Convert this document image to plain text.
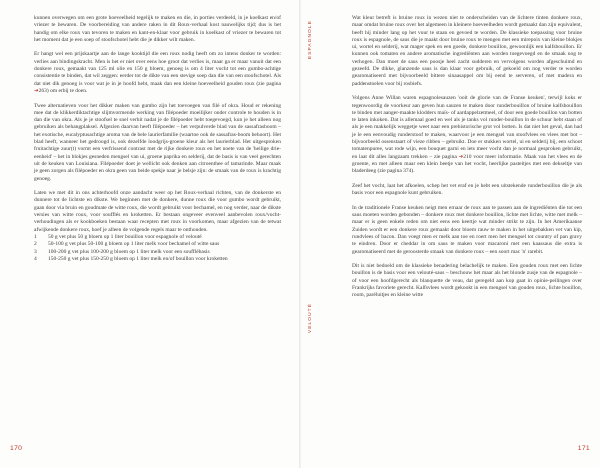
kunnen overwegen om een grote hoeveelheid tegelijk te maken en die, in porties verdeeld, in je koelkast en/of vriezer te bewaren. De voorbereiding van andere raken in dit Roux-verhaal kost nauwelijks tijd; dus is het handig om elke roux van tevoren te maken en kant-en-klaar voor gebruik in koelkast of vriezer te bewaren tot het moment dat je een soep of stoofschotel hebt die je dikker wilt maken.

Er hangt wel een prijskaartje aan de lange kooktijd die een roux nodig heeft om zo intens donker te worden: verlies aan bindingskracht. Men is het er niet over eens hoe groot dat verlies is, maar ga er maar vanuit dat een donkere roux, gemaakt van 125 ml olie en 150 g bloem, genoeg is om 4 liter vocht tot een gumbo-achtige consistentie te binden, dat wil zeggen: eerder tot de dikte van een stevige soep dan die van een stoofschotel. Als dat niet dik genoeg is voor wat je in je hoofd hebt, maak dan een kleine hoeveelheid gouden roux (zie pagina ➔263) om erbij te doen.

Twee alternatieven voor het dikker maken van gumbo zijn het toevoegen van filé of okra. Houd er rekening mee dat de klikkerdiktachtige slijmvormende werking van filépoeder moeilijker onder controle te houden is in dan die van okra. Als je je stoofsel te snel verhit nadat je de filépoeder hebt toegevoegd, kun je het alleen nog gebruiken als behangplaksel. Afgezien daarvan heeft filépoeder – het verpulverde blad van de sassafrasboom – het exotische, eucalyptusachtige aroma van de bele laurierfamilie (waartoe ook de sassafras-boom behoort). Het blad heeft, wanneer het gedroogd is, ook dezelfde loodgrijs-groene kleur als het laurierblad. Het uitgesproken fruitachtige zuur(t) vormt een verfrissend contrast met de rijke donkere roux en het noete van de 'heilige drie-eenheid' – het in blokjes gesneden mengsel van ui, groene paprika en selderij, dat de basis is van veel gerechten uit de keuken van Louisiana. Filépoeder doet je wellicht ook denken aan citroenthee of tamarinde. Maar maak je geen zorgen als filépoeder en okra geen van beide spekje naar je belsje zijn: de smaak van de roux is krachtig genoeg.

Laten we met dit in ons achterhoofd onze aandacht weer op het Roux-verhaal richten, van de donkerste en dunnere tot de lichtste en dikste. We beginnen met de donkere, dunne roux die voor gumbo wordt gebruikt, gaan door via bruin en goudmate de witte roux, die wordt gebruikt voor bechamel, en nog verder, naar de dikste versies van witte roux, voor soufflés en kroketten. Er bestaan ongeveer evenveel aanbevolen roux/vocht-verhoudingen als er kookboeken bestaan waar recepten met roux in voorkomen, maar afgezien van de tetwat afwijkende donkere roux, hoef je alleen de volgende regels maar te onthouden.

1 50 g vet plus 50 g bloem op 1 liter bouillon voor espagnole of velouté
2 50-100 g vet plus 50-100 g bloem op 1 liter melk voor bechamel of witte saus
3 100-200 g vet plus 100-200 g bloem op 1 liter melk voor een soufflébasis
4 150-250 g vet plus 150-250 g bloem op 1 liter melk en/of bouillon voor kroketten
170
ESPAGNOLE
VELOUTÉ

Wat kleur betreft is bruine roux in wezen niet te onderscheiden van de lichtere tinten donkere roux, maar omdat bruine roux over het algemeen in kleinere hoeveelheden wordt gemaakt dan zijn equivalent, heeft hij minder lang op het vuur te staan en gevoed te worden. De klassieke toepassing voor bruine roux is espagnole, de saus die je maakt door bruine roux te mengen met een mirepoix van kleine blokjes ui, wortel en selderij, wat mager spek en een goede, donkere bouillon, gewoonlijk een kalfsbouillon. Er kunnen ook tomaten en andere aromatische ingrediënten aan worden toegevoegd en de smaak nog te verhogen. Dan moet de saus een poosje heel zacht sudderen en vervolgens worden afgeschuimd en gezeefd. De dikke, glanzende saus is dan klaar voor gebruik, of gekoeld om nog verder te worden gearomatiseerd met bijvoorbeeld bittere sinaasappel om bij eend te serveren, of met madera en paddenstoelen voor bij rosbiefs.

Volgens Anne Willan waren espagnolesauzen 'ooit de glorie van de Franse keuken', terwijl koks er tegenwoordig de voorkeur aan geven hun sauzen te maken door runderbouillon of bruine kalfsbouillon te binden met aanger-maakte klodders maïs- of aardappelzetmeel, of door een goede bouillon van botten te laten inkoken. Dat is allemaal goed en wel als je tanks vol runder-bouillon in de schuur hebt staan of als je een makkelijk weggetje weet naar een prehistorische grot vol botten. Is dat niet het geval, dan had je le een eenvoudig runderstoof te maken, waarvoor je een mengsel van stoofvlees en vlees met bot – bijvoorbeeld ossenstaart of vieze ribben – gebruikt. Doe er stukken wortel, ui en selderij bij, een schoot tomatenpuree, wat rode wijn, een bouquet garni en iets meer vocht dan je normaal gesproken gebruikt, en laat dit alles langzaam trekken – zie pagina ➔210 voor meer informatie. Maak van het vlees en de groente, en met alleen maar een klein beetje van het vocht, heerlijke pasteitjes met een dekseltje van bladerdeeg (zie pagina 374).

Zeef het vocht, laat het afkoelen, schep het vet eraf en je hebt een uitstekende runderbouillon die je als basis voor een espagnole kunt gebruiken.

In de traditionele Franse keuken neigt men ernaar de roux aan te passen aan de ingrediënten die tot een saus moeten worden gebonden – donkere roux met donkere bouillon, lichte met lichte, witte met melk – maar er is geen enkele reden om niet eens een keertje wat minder strikt te zijn. In het Amerikaanse Zuiden wordt er een donkere roux gemaakt door bloem rauw te maken in het uitgebakken vet van kip, rundvlees of bacon. Dan voegt men er melk aan toe en roert men het mengsel tot country of pan gravy te eindren. Door er cheddar in om saus te maken voor macaroni met een kaassaus die extra is gearomatiseerd met de geroosterde smaak van donkere roux – een soort mac 'n' rarebit.

Dit is niet bedoeld om de klassieke benadering belachelijk te maken. Een gouden roux met een lichte bouillon is de basis voor een velouté-saus – beschouw het maar als het blonde zusje van de espagnole – of voor een hoofdgerecht als blanquette de veau, dat geregeld aan kop gaat in opinie-peilingen over Frankrijks favoriete gerecht. Kalfsvlees wordt gekookt in een mengsel van gouden roux, lichte bouillon, room, paréluitjes en kleine witte

171
